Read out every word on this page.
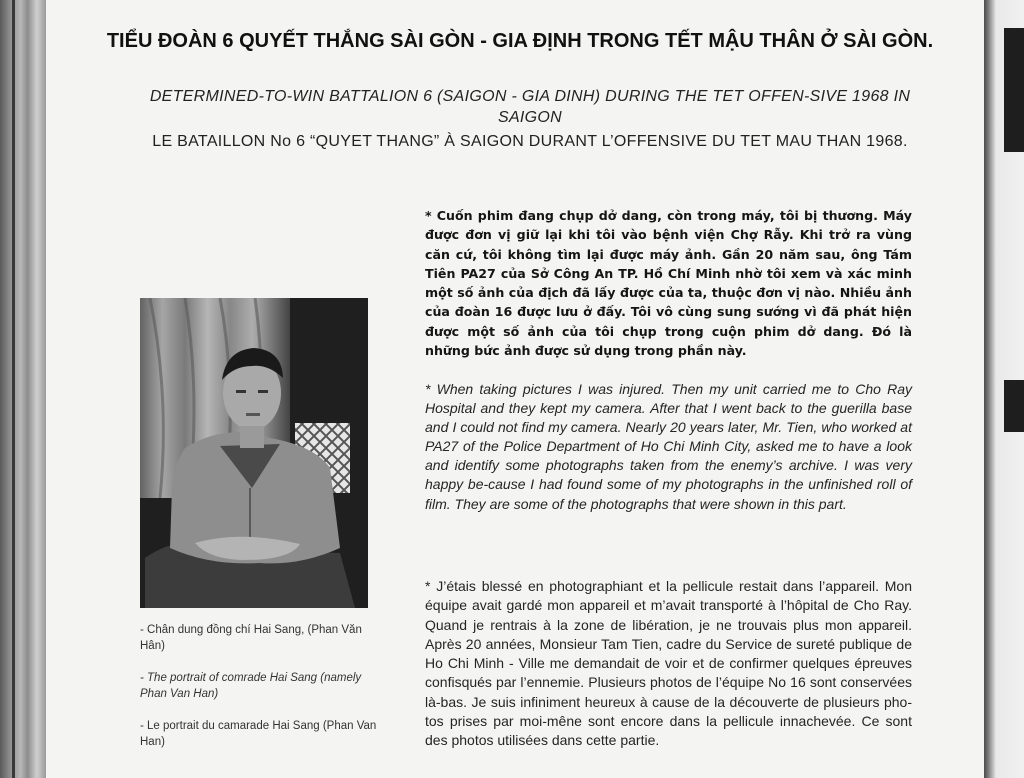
TIỂU ĐOÀN 6 QUYẾT THẮNG SÀI GÒN - GIA ĐỊNH TRONG TẾT MẬU THÂN Ở SÀI GÒN.
DETERMINED-TO-WIN BATTALION 6 (SAIGON - GIA DINH) DURING THE TET OFFEN-SIVE 1968 IN SAIGON
LE BATAILLON No 6 “QUYET THANG” À SAIGON DURANT L’OFFENSIVE DU TET MAU THAN 1968.
* Cuốn phim đang chụp dở dang, còn trong máy, tôi bị thương. Máy được đơn vị giữ lại khi tôi vào bệnh viện Chợ Rẫy. Khi trở ra vùng căn cứ, tôi không tìm lại được máy ảnh. Gần 20 năm sau, ông Tám Tiên PA27 của Sở Công An TP. Hồ Chí Minh nhờ tôi xem và xác minh một số ảnh của địch đã lấy được của ta, thuộc đơn vị nào. Nhiều ảnh của đoàn 16 được lưu ở đấy. Tôi vô cùng sung sướng vì đã phát hiện được một số ảnh của tôi chụp trong cuộn phim dở dang. Đó là những bức ảnh được sử dụng trong phần này.
* When taking pictures I was injured. Then my unit carried me to Cho Ray Hospital and they kept my camera. After that I went back to the guerilla base and I could not find my camera. Nearly 20 years later, Mr. Tien, who worked at PA27 of the Police Department of Ho Chi Minh City, asked me to have a look and identify some photographs taken from the enemy’s archive. I was very happy be-cause I had found some of my photographs in the unfinished roll of film. They are some of the photographs that were shown in this part.
* J’étais blessé en photographiant et la pellicule restait dans l’appareil. Mon équipe avait gardé mon appareil et m’avait transporté à l’hôpital de Cho Ray. Quand je rentrais à la zone de libération, je ne trouvais plus mon appareil. Après 20 années, Monsieur Tam Tien, cadre du Service de sureté publique de Ho Chi Minh - Ville me demandait de voir et de confirmer quelques épreuves confisqués par l’ennemie. Plusieurs photos de l’équipe No 16 sont conservées là-bas. Je suis infiniment heureux à cause de la découverte de plusieurs pho-tos prises par moi-mêne sont encore dans la pellicule innachevée. Ce sont des photos utilisées dans cette partie.
- Chân dung đồng chí Hai Sang, (Phan Văn Hân)
- The portrait of comrade Hai Sang (namely Phan Van Han)
- Le portrait du camarade Hai Sang (Phan Van Han)
